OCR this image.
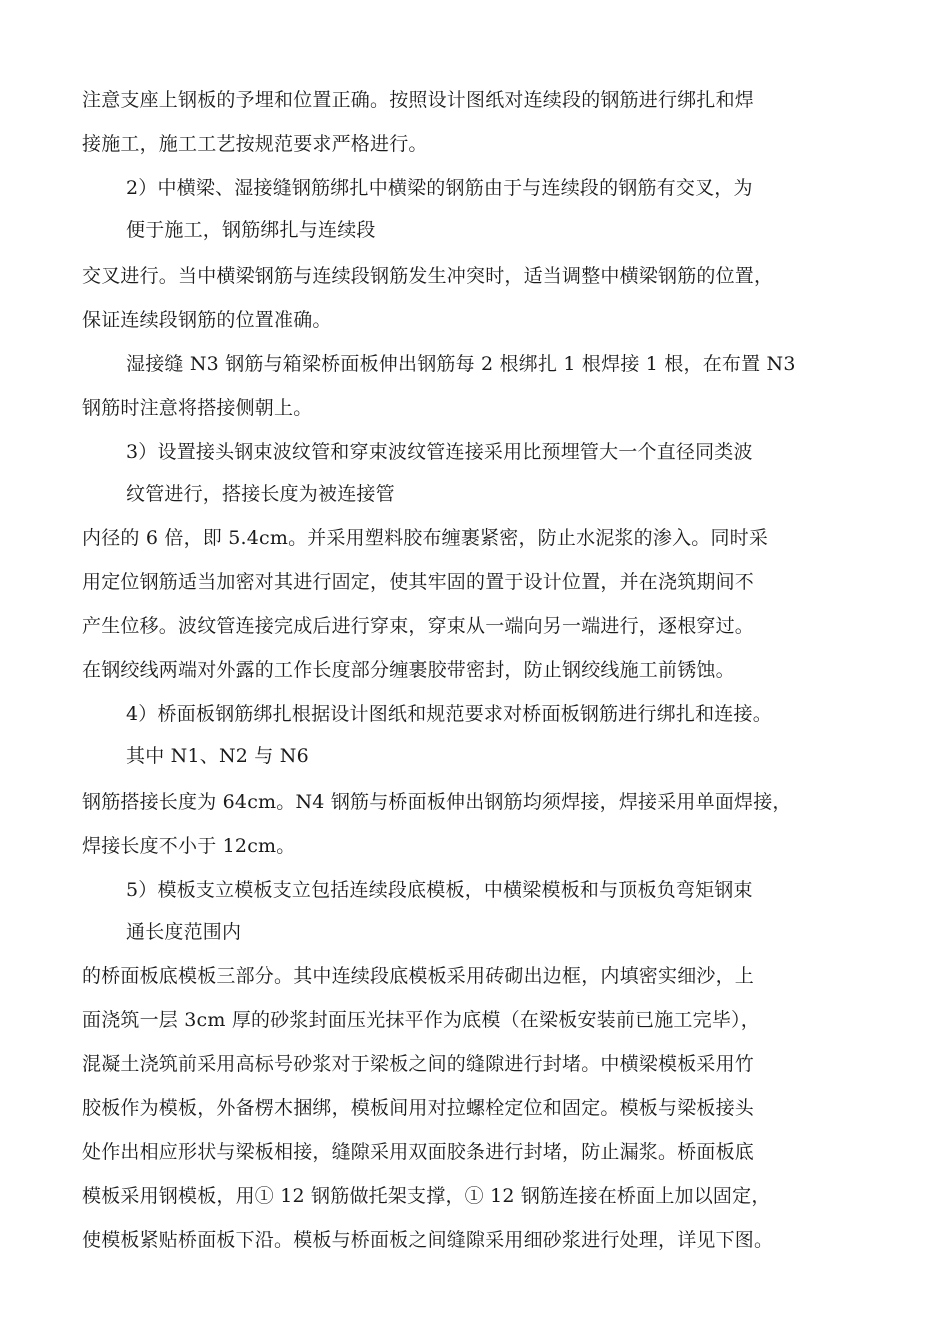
注意支座上钢板的予埋和位置正确。按照设计图纸对连续段的钢筋进行绑扎和焊

接施工，施工工艺按规范要求严格进行。

2）中横梁、湿接缝钢筋绑扎中横梁的钢筋由于与连续段的钢筋有交叉，为

便于施工，钢筋绑扎与连续段

交叉进行。当中横梁钢筋与连续段钢筋发生冲突时，适当调整中横梁钢筋的位置，

保证连续段钢筋的位置准确。

湿接缝 N3 钢筋与箱梁桥面板伸出钢筋每 2 根绑扎 1 根焊接 1 根，在布置 N3

钢筋时注意将搭接侧朝上。

3）设置接头钢束波纹管和穿束波纹管连接采用比预埋管大一个直径同类波

纹管进行，搭接长度为被连接管

内径的 6 倍，即 5.4cm。并采用塑料胶布缠裹紧密，防止水泥浆的渗入。同时采

用定位钢筋适当加密对其进行固定，使其牢固的置于设计位置，并在浇筑期间不

产生位移。波纹管连接完成后进行穿束，穿束从一端向另一端进行，逐根穿过。

在钢绞线两端对外露的工作长度部分缠裹胶带密封，防止钢绞线施工前锈蚀。

4）桥面板钢筋绑扎根据设计图纸和规范要求对桥面板钢筋进行绑扎和连接。

其中 N1、N2 与 N6

钢筋搭接长度为 64cm。N4 钢筋与桥面板伸出钢筋均须焊接，焊接采用单面焊接，

焊接长度不小于 12cm。

5）模板支立模板支立包括连续段底模板，中横梁模板和与顶板负弯矩钢束

通长度范围内

的桥面板底模板三部分。其中连续段底模板采用砖砌出边框，内填密实细沙，上

面浇筑一层 3cm 厚的砂浆封面压光抹平作为底模（在梁板安装前已施工完毕），

混凝土浇筑前采用高标号砂浆对于梁板之间的缝隙进行封堵。中横梁模板采用竹

胶板作为模板，外备楞木捆绑，模板间用对拉螺栓定位和固定。模板与梁板接头

处作出相应形状与梁板相接，缝隙采用双面胶条进行封堵，防止漏浆。桥面板底

模板采用钢模板，用① 12 钢筋做托架支撑，① 12 钢筋连接在桥面上加以固定，

使模板紧贴桥面板下沿。模板与桥面板之间缝隙采用细砂浆进行处理，详见下图。
